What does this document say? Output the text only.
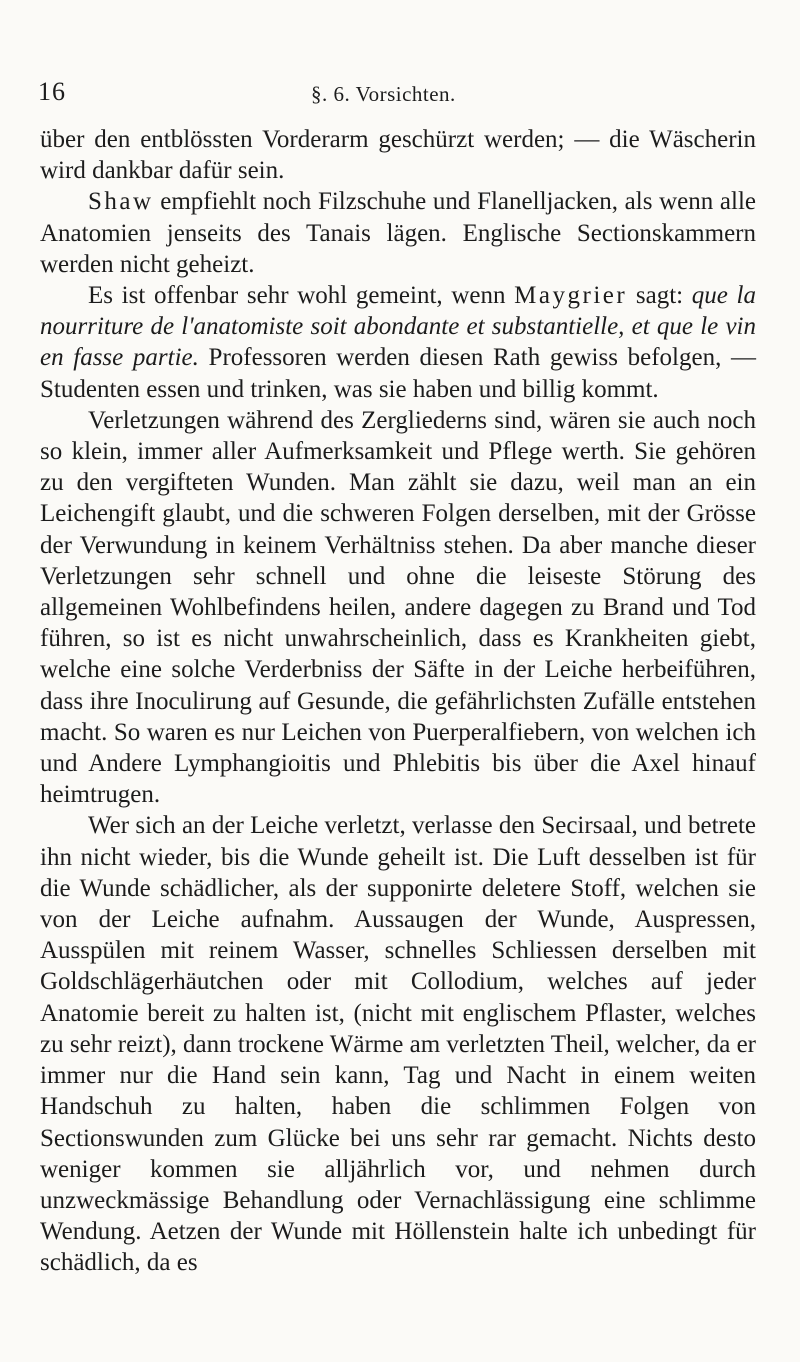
16	§. 6. Vorsichten.

über den entblössten Vorderarm geschürzt werden; — die Wäscherin wird dankbar dafür sein.

Shaw empfiehlt noch Filzschuhe und Flanelljacken, als wenn alle Anatomien jenseits des Tanais lägen. Englische Sectionskammern werden nicht geheizt.

Es ist offenbar sehr wohl gemeint, wenn Maygrier sagt: que la nourriture de l'anatomiste soit abondante et substantielle, et que le vin en fasse partie. Professoren werden diesen Rath gewiss befolgen, — Studenten essen und trinken, was sie haben und billig kommt.

Verletzungen während des Zergliederns sind, wären sie auch noch so klein, immer aller Aufmerksamkeit und Pflege werth. Sie gehören zu den vergifteten Wunden. Man zählt sie dazu, weil man an ein Leichengift glaubt, und die schweren Folgen derselben, mit der Grösse der Verwundung in keinem Verhältniss stehen. Da aber manche dieser Verletzungen sehr schnell und ohne die leiseste Störung des allgemeinen Wohlbefindens heilen, andere dagegen zu Brand und Tod führen, so ist es nicht unwahrscheinlich, dass es Krankheiten giebt, welche eine solche Verderbniss der Säfte in der Leiche herbeiführen, dass ihre Inoculirung auf Gesunde, die gefährlichsten Zufälle entstehen macht. So waren es nur Leichen von Puerperalfiebern, von welchen ich und Andere Lymphangioitis und Phlebitis bis über die Axel hinauf heimtrugen.

Wer sich an der Leiche verletzt, verlasse den Secirsaal, und betrete ihn nicht wieder, bis die Wunde geheilt ist. Die Luft desselben ist für die Wunde schädlicher, als der supponirte deletere Stoff, welchen sie von der Leiche aufnahm. Aussaugen der Wunde, Auspressen, Ausspülen mit reinem Wasser, schnelles Schliessen derselben mit Goldschlägerhäutchen oder mit Collodium, welches auf jeder Anatomie bereit zu halten ist, (nicht mit englischem Pflaster, welches zu sehr reizt), dann trockene Wärme am verletzten Theil, welcher, da er immer nur die Hand sein kann, Tag und Nacht in einem weiten Handschuh zu halten, haben die schlimmen Folgen von Sectionswunden zum Glücke bei uns sehr rar gemacht. Nichts desto weniger kommen sie alljährlich vor, und nehmen durch unzweckmässige Behandlung oder Vernachlässigung eine schlimme Wendung. Aetzen der Wunde mit Höllenstein halte ich unbedingt für schädlich, da es
